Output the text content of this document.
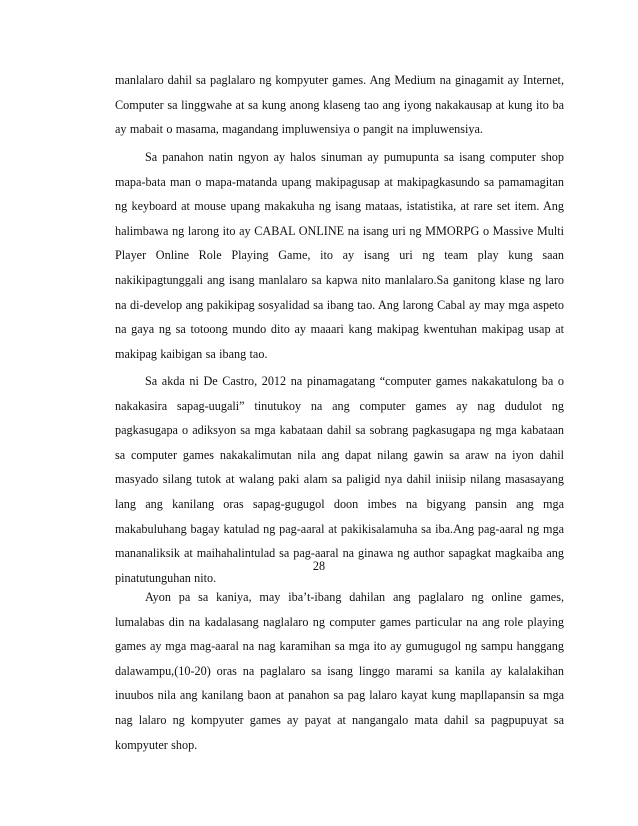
manlalaro dahil sa paglalaro ng kompyuter games. Ang Medium na ginagamit ay Internet, Computer sa linggwahe at sa kung anong klaseng tao ang iyong nakakausap at kung ito ba ay mabait o masama, magandang impluwensiya o pangit na impluwensiya.

Sa panahon natin ngyon ay halos sinuman ay pumupunta sa isang computer shop mapa-bata man o mapa-matanda upang makipagusap at makipagkasundo sa pamamagitan ng keyboard at mouse upang makakuha ng isang mataas, istatistika, at rare set item. Ang halimbawa ng larong ito ay CABAL ONLINE na isang uri ng MMORPG o Massive Multi Player Online Role Playing Game, ito ay isang uri ng team play kung saan nakikipagtunggali ang isang manlalaro sa kapwa nito manlalaro.Sa ganitong klase ng laro na di-develop ang pakikipag sosyalidad sa ibang tao. Ang larong Cabal ay may mga aspeto na gaya ng sa totoong mundo dito ay maaari kang makipag kwentuhan makipag usap at makipag kaibigan sa ibang tao.

Sa akda ni De Castro, 2012 na pinamagatang “computer games nakakatulong ba o nakakasira sapag-uugali” tinutukoy na ang computer games ay nag dudulot ng pagkasugapa o adiksyon sa mga kabataan dahil sa sobrang pagkasugapa ng mga kabataan sa computer games nakakalimutan nila ang dapat nilang gawin sa araw na iyon dahil masyado silang tutok at walang paki alam sa paligid nya dahil iniisip nilang masasayang lang ang kanilang oras sapag-gugugol doon imbes na bigyang pansin ang mga makabuluhang bagay katulad ng pag-aaral at pakikisalamuha sa iba.Ang pag-aaral ng mga mananaliksik at maihahalintulad sa pag-aaral na ginawa ng author sapagkat magkaiba ang pinatutunguhan nito.

28

Ayon pa sa kaniya, may iba’t-ibang dahilan ang paglalaro ng online games, lumalabas din na kadalasang naglalaro ng computer games particular na ang role playing games ay mga mag-aaral na nag karamihan sa mga ito ay gumugugol ng sampu hanggang dalawampu,(10-20) oras na paglalaro sa isang linggo marami sa kanila ay kalalakihan inuubos nila ang kanilang baon at panahon sa pag lalaro kayat kung mapllapansin sa mga nag lalaro ng kompyuter games ay payat at nangangalo mata dahil sa pagpupuyat sa kompyuter shop.
